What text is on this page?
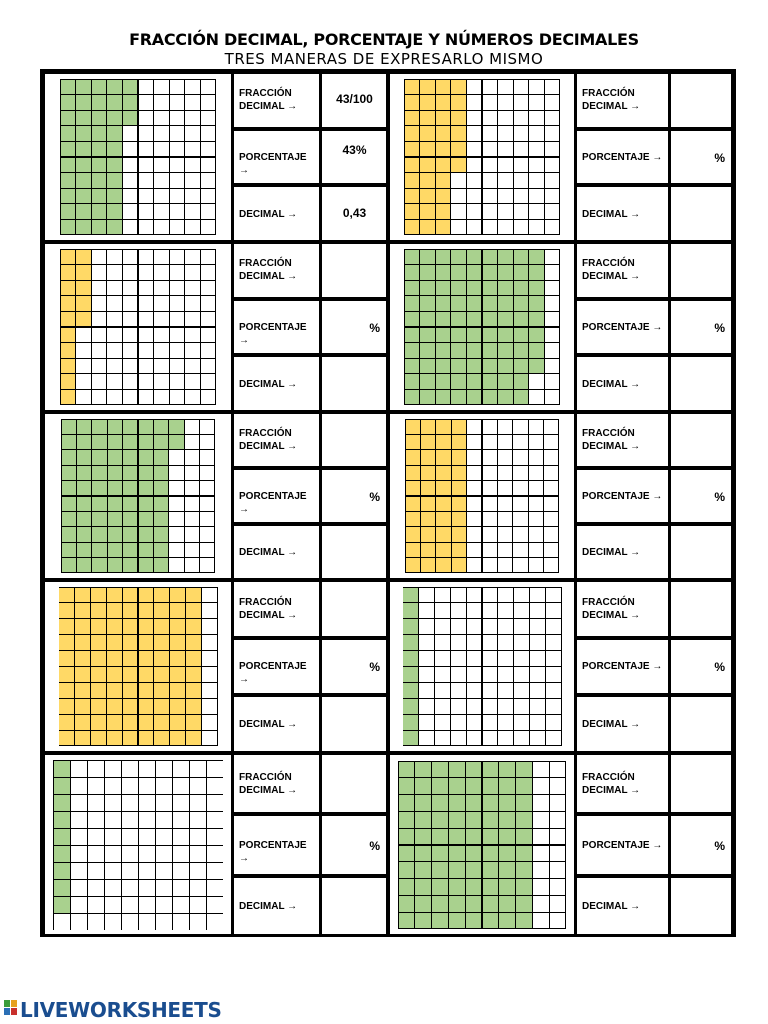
FRACCIÓN DECIMAL, PORCENTAJE Y NÚMEROS DECIMALES
TRES MANERAS DE EXPRESARLO MISMO
FRACCIÓN DECIMAL →
43/100
PORCENTAJE →
43%
DECIMAL →	0,43
FRACCIÓN DECIMAL →
PORCENTAJE →	%
DECIMAL →
FRACCIÓN DECIMAL →
PORCENTAJE →
%
DECIMAL →
FRACCIÓN DECIMAL →
PORCENTAJE →	%
DECIMAL →
FRACCIÓN DECIMAL →
PORCENTAJE →
%
DECIMAL →
FRACCIÓN DECIMAL →
PORCENTAJE →	%
DECIMAL →
FRACCIÓN DECIMAL →
PORCENTAJE →
%
DECIMAL →
FRACCIÓN DECIMAL →
PORCENTAJE →	%
DECIMAL →
FRACCIÓN DECIMAL →
PORCENTAJE →
%
DECIMAL →
FRACCIÓN DECIMAL →
PORCENTAJE →	%
DECIMAL →
LIVEWORKSHEETS
